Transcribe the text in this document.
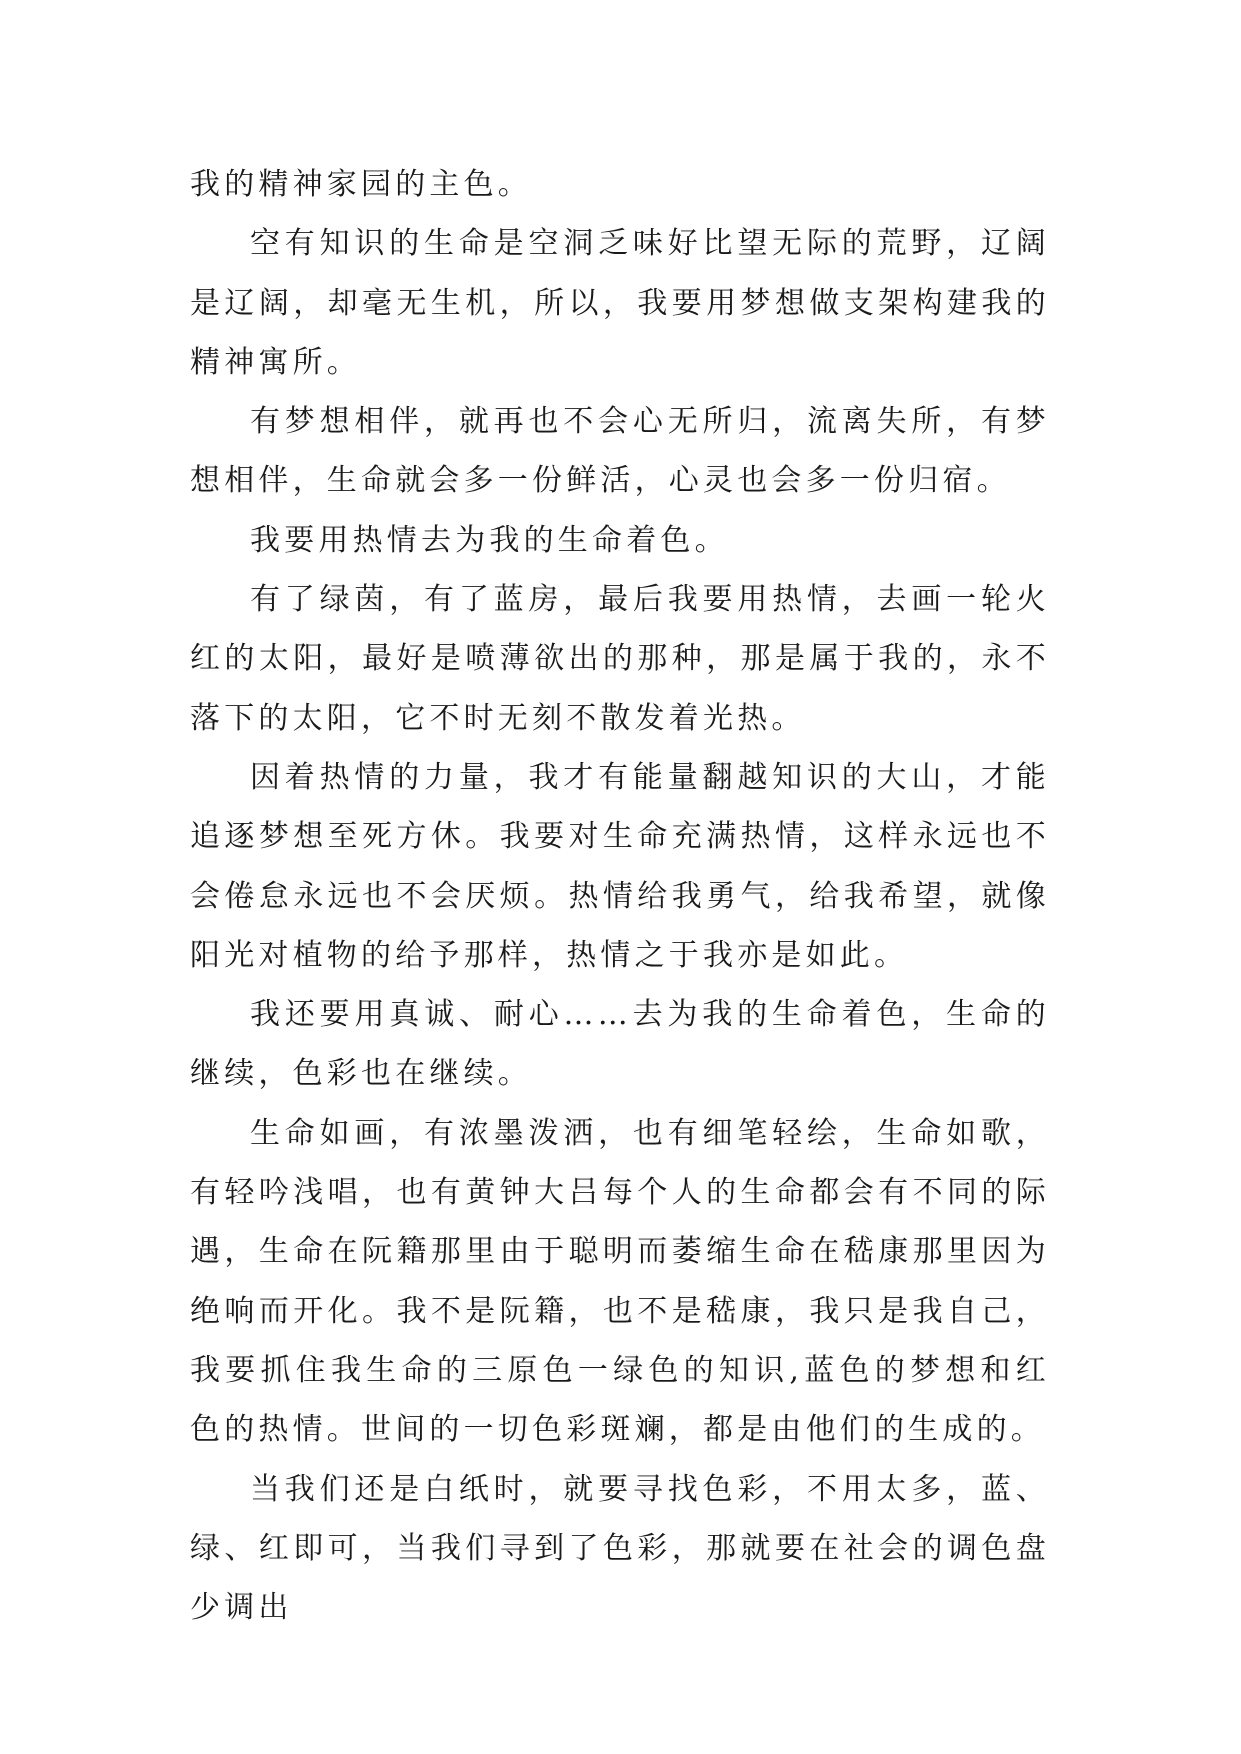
我的精神家园的主色。

空有知识的生命是空洞乏味好比望无际的荒野，辽阔是辽阔，却毫无生机，所以，我要用梦想做支架构建我的精神寓所。

有梦想相伴，就再也不会心无所归，流离失所，有梦想相伴，生命就会多一份鲜活，心灵也会多一份归宿。

我要用热情去为我的生命着色。

有了绿茵，有了蓝房，最后我要用热情，去画一轮火红的太阳，最好是喷薄欲出的那种，那是属于我的，永不落下的太阳，它不时无刻不散发着光热。

因着热情的力量，我才有能量翻越知识的大山，才能追逐梦想至死方休。我要对生命充满热情，这样永远也不会倦怠永远也不会厌烦。热情给我勇气，给我希望，就像阳光对植物的给予那样，热情之于我亦是如此。

我还要用真诚、耐心……去为我的生命着色，生命的继续，色彩也在继续。

生命如画，有浓墨泼洒，也有细笔轻绘，生命如歌，有轻吟浅唱，也有黄钟大吕每个人的生命都会有不同的际遇，生命在阮籍那里由于聪明而萎缩生命在嵇康那里因为绝响而开化。我不是阮籍，也不是嵇康，我只是我自己，我要抓住我生命的三原色一绿色的知识,蓝色的梦想和红色的热情。世间的一切色彩斑斓，都是由他们的生成的。

当我们还是白纸时，就要寻找色彩，不用太多，蓝、绿、红即可，当我们寻到了色彩，那就要在社会的调色盘少调出
